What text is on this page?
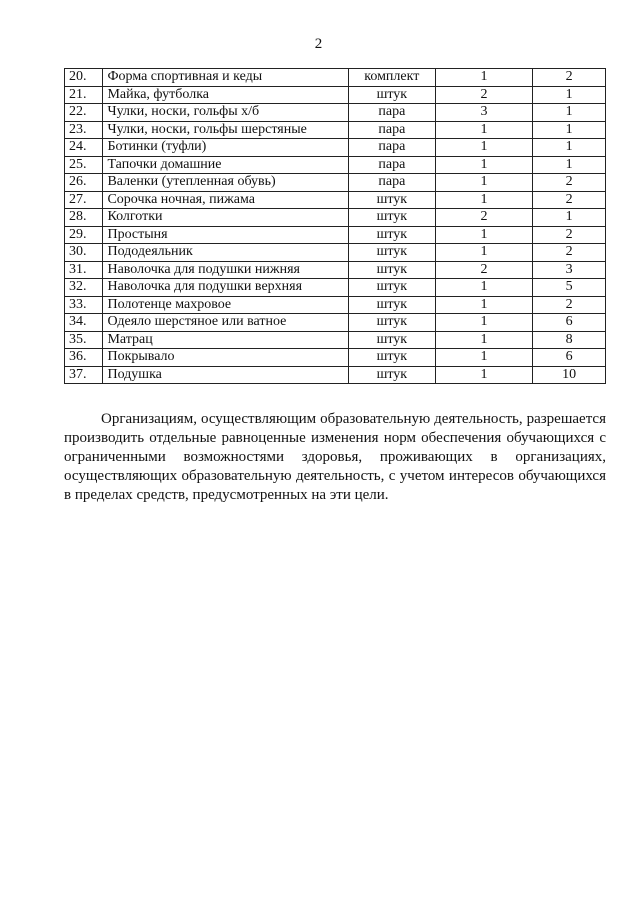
2
20.	Форма спортивная и кеды	комплект	1	2
21.	Майка, футболка	штук	2	1
22.	Чулки, носки, гольфы х/б	пара	3	1
23.	Чулки, носки, гольфы шерстяные	пара	1	1
24.	Ботинки (туфли)	пара	1	1
25.	Тапочки домашние	пара	1	1
26.	Валенки (утепленная обувь)	пара	1	2
27.	Сорочка ночная, пижама	штук	1	2
28.	Колготки	штук	2	1
29.	Простыня	штук	1	2
30.	Пододеяльник	штук	1	2
31.	Наволочка для подушки нижняя	штук	2	3
32.	Наволочка для подушки верхняя	штук	1	5
33.	Полотенце махровое	штук	1	2
34.	Одеяло шерстяное или ватное	штук	1	6
35.	Матрац	штук	1	8
36.	Покрывало	штук	1	6
37.	Подушка	штук	1	10

Организациям, осуществляющим образовательную деятельность, разрешается производить отдельные равноценные изменения норм обеспечения обучающихся с ограниченными возможностями здоровья, проживающих в организациях, осуществляющих образовательную деятельность, с учетом интересов обучающихся в пределах средств, предусмотренных на эти цели.
